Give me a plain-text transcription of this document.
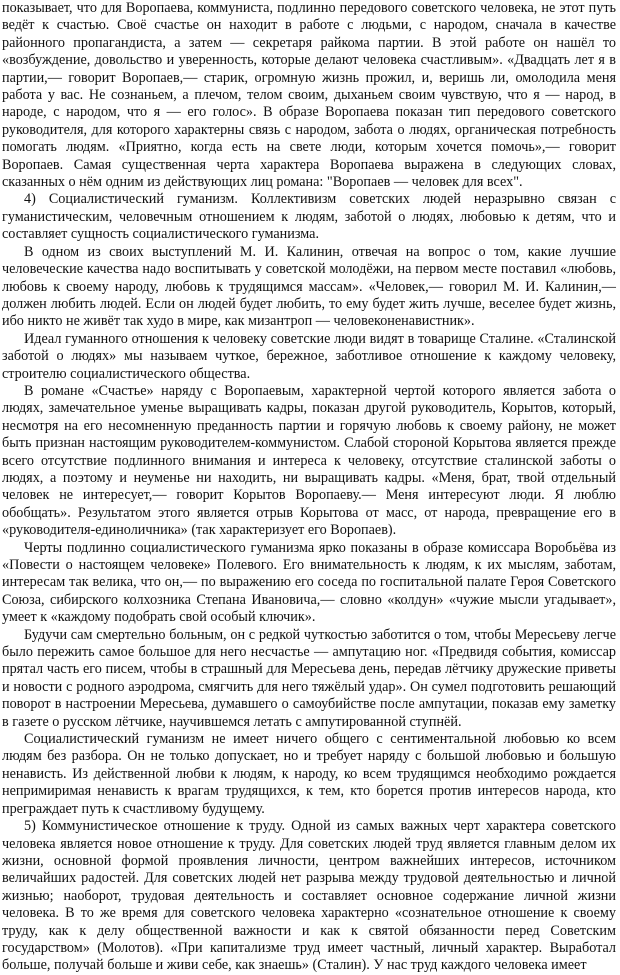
показывает, что для Воропаева, коммуниста, подлинно передового советского человека, не этот путь ведёт к счастью. Своё счастье он находит в работе с людьми, с народом, сначала в качестве районного пропагандиста, а затем — секретаря райкома партии. В этой работе он нашёл то «возбуждение, довольство и уверенность, которые делают человека счастливым». «Двадцать лет я в партии,— говорит Воропаев,— старик, огромную жизнь прожил, и, веришь ли, омолодила меня работа у вас. Не сознаньем, а плечом, телом своим, дыханьем своим чувствую, что я — народ, в народе, с народом, что я — его голос». В образе Воропаева показан тип передового советского руководителя, для которого характерны связь с народом, забота о людях, органическая потребность помогать людям. «Приятно, когда есть на свете люди, которым хочется помочь»,— говорит Воропаев. Самая существенная черта характера Воропаева выражена в следующих словах, сказанных о нём одним из действующих лиц романа: "Воропаев — человек для всех".

4) Социалистический гуманизм. Коллективизм советских людей неразрывно связан с гуманистическим, человечным отношением к людям, заботой о людях, любовью к детям, что и составляет сущность социалистического гуманизма.

В одном из своих выступлений М. И. Калинин, отвечая на вопрос о том, какие лучшие человеческие качества надо воспитывать у советской молодёжи, на первом месте поставил «любовь, любовь к своему народу, любовь к трудящимся массам». «Человек,— говорил М. И. Калинин,— должен любить людей. Если он людей будет любить, то ему будет жить лучше, веселее будет жизнь, ибо никто не живёт так худо в мире, как мизантроп — человеконенавистник».

Идеал гуманного отношения к человеку советские люди видят в товарище Сталине. «Сталинской заботой о людях» мы называем чуткое, бережное, заботливое отношение к каждому человеку, строителю социалистического общества.

В романе «Счастье» наряду с Воропаевым, характерной чертой которого является забота о людях, замечательное уменье выращивать кадры, показан другой руководитель, Корытов, который, несмотря на его несомненную преданность партии и горячую любовь к своему району, не может быть признан настоящим руководителем-коммунистом. Слабой стороной Корытова является прежде всего отсутствие подлинного внимания и интереса к человеку, отсутствие сталинской заботы о людях, а поэтому и неуменье ни находить, ни выращивать кадры. «Меня, брат, твой отдельный человек не интересует,— говорит Корытов Воропаеву.— Меня интересуют люди. Я люблю обобщать». Результатом этого является отрыв Корытова от масс, от народа, превращение его в «руководителя-единоличника» (так характеризует его Воропаев).

Черты подлинно социалистического гуманизма ярко показаны в образе комиссара Воробьёва из «Повести о настоящем человеке» Полевого. Его внимательность к людям, к их мыслям, заботам, интересам так велика, что он,— по выражению его соседа по госпитальной палате Героя Советского Союза, сибирского колхозника Степана Ивановича,— словно «колдун» «чужие мысли угадывает», умеет к «каждому подобрать свой особый ключик».

Будучи сам смертельно больным, он с редкой чуткостью заботится о том, чтобы Мересьеву легче было пережить самое большое для него несчастье — ампутацию ног. «Предвидя события, комиссар прятал часть его писем, чтобы в страшный для Мересьева день, передав лётчику дружеские приветы и новости с родного аэродрома, смягчить для него тяжёлый удар». Он сумел подготовить решающий поворот в настроении Мересьева, думавшего о самоубийстве после ампутации, показав ему заметку в газете о русском лётчике, научившемся летать с ампутированной ступнёй.

Социалистический гуманизм не имеет ничего общего с сентиментальной любовью ко всем людям без разбора. Он не только допускает, но и требует наряду с большой любовью и большую ненависть. Из действенной любви к людям, к народу, ко всем трудящимся необходимо рождается непримиримая ненависть к врагам трудящихся, к тем, кто борется против интересов народа, кто преграждает путь к счастливому будущему.

5) Коммунистическое отношение к труду. Одной из самых важных черт характера советского человека является новое отношение к труду. Для советских людей труд является главным делом их жизни, основной формой проявления личности, центром важнейших интересов, источником величайших радостей. Для советских людей нет разрыва между трудовой деятельностью и личной жизнью; наоборот, трудовая деятельность и составляет основное содержание личной жизни человека. В то же время для советского человека характерно «сознательное отношение к своему труду, как к делу общественной важности и как к святой обязанности перед Советским государством» (Молотов). «При капитализме труд имеет частный, личный характер. Выработал больше, получай больше и живи себе, как знаешь» (Сталин). У нас труд каждого человека имеет
